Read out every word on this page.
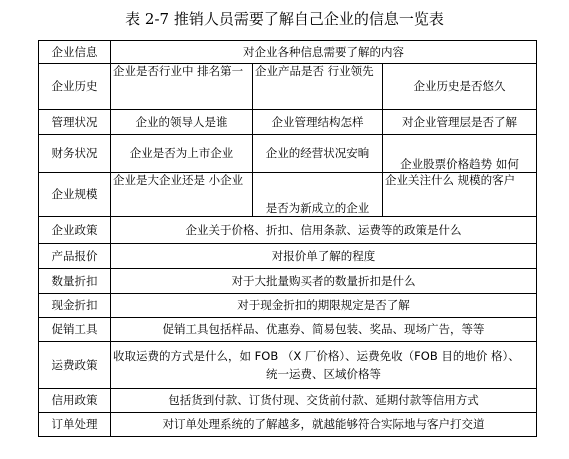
表 2-7 推销人员需要了解自己企业的信息一览表
企业信息	对企业各种信息需要了解的内容		
企业历史	企业是否行业中 排名第一	企业产品是否 行业领先	企业历史是否悠久
管理状况	企业的领导人是谁	企业管理结构怎样	对企业管理层是否了解
财务状况	企业是否为上市企业	企业的经营状况安晌	企业股票价格趋势 如何
企业规模	企业是大企业还是 小企业	是否为新成立的企业	企业关注什么 规模的客户
企业政策	企业关于价格、折扣、信用条款、运费等的政策是什么		
产品报价	对报价单了解的程度		
数量折扣	对于大批量购买者的数量折扣是什么		
现金折扣	对于现金折扣的期限规定是否了解		
促销工具	促销工具包括样品、优惠券、简易包装、奖品、现场广告，等等		
运费政策	收取运费的方式是什么，如 FOB （X 厂价格）、运费免收（FOB 目的地价 格）、
统一运费、区域价格等		

信用政策	包括货到付款、订货付现、交货前付款、延期付款等信用方式		
订单处理	对订单处理系统的了解越多，就越能够符合实际地与客户打交道		
